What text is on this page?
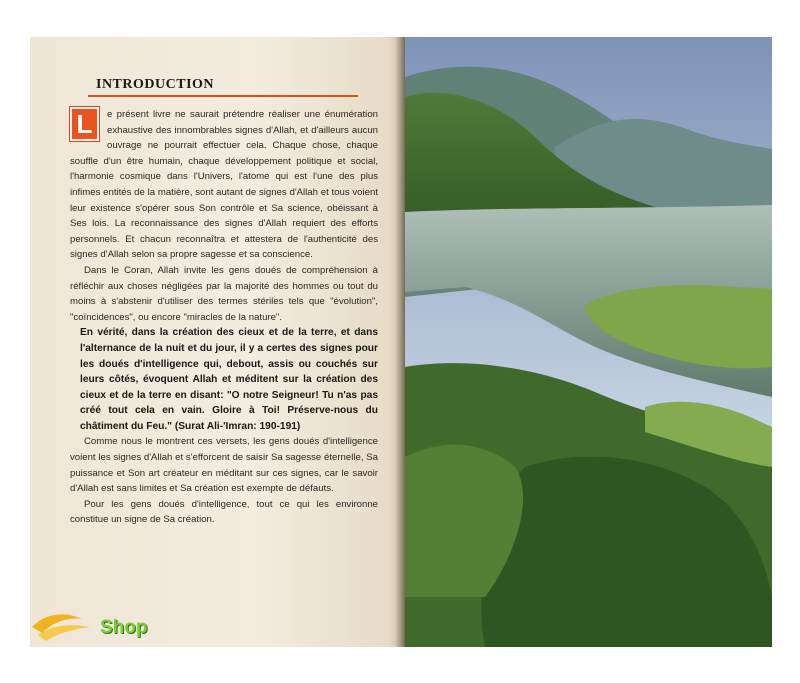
INTRODUCTION

L	e présent livre ne saurait prétendre réaliser une énumération exhaustive des innombrables signes d'Allah, et d'ailleurs aucun ouvrage ne pourrait effectuer cela. Chaque chose, chaque souffle d'un être humain, chaque développement politique et social, l'harmonie cosmique dans l'Univers, l'atome qui est l'une des plus infimes entités de la matière, sont autant de signes d'Allah et tous voient leur existence s'opérer sous Son contrôle et Sa science, obéissant à Ses lois. La reconnaissance des signes d'Allah requiert des efforts personnels. Et chacun reconnaîtra et attestera de l'authenticité des signes d'Allah selon sa propre sagesse et sa conscience.

Dans le Coran, Allah invite les gens doués de compréhension à réfléchir aux choses négligées par la majorité des hommes ou tout du moins à s'abstenir d'utiliser des termes stériles tels que "évolution", "coïncidences", ou encore "miracles de la nature".

En vérité, dans la création des cieux et de la terre, et dans l'alternance de la nuit et du jour, il y a certes des signes pour les doués d'intelligence qui, debout, assis ou couchés sur leurs côtés, évoquent Allah et méditent sur la création des cieux et de la terre en disant: "O notre Seigneur! Tu n'as pas créé tout cela en vain. Gloire à Toi! Préserve-nous du châtiment du Feu." (Surat Ali-'Imran: 190-191)

Comme nous le montrent ces versets, les gens doués d'intelligence voient les signes d'Allah et s'efforcent de saisir Sa sagesse éternelle, Sa puissance et Son art créateur en méditant sur ces signes, car le savoir d'Allah est sans limites et Sa création est exempte de défauts.

Pour les gens doués d'intelligence, tout ce qui les environne constitue un signe de Sa création.

Shop
